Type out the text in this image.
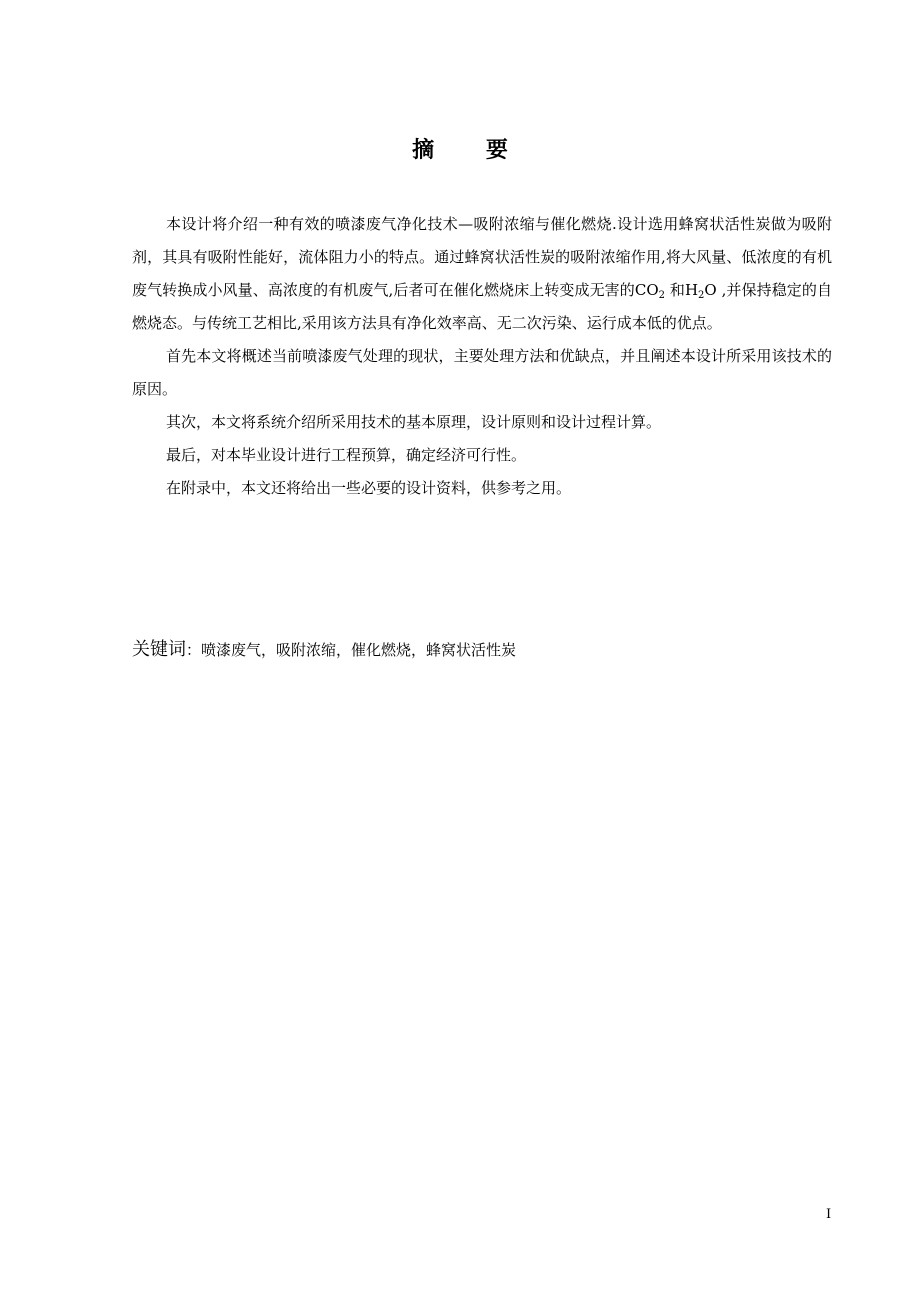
摘 要

本设计将介绍一种有效的喷漆废气净化技术—吸附浓缩与催化燃烧.设计选用蜂窝状活性炭做为吸附剂，其具有吸附性能好，流体阻力小的特点。通过蜂窝状活性炭的吸附浓缩作用,将大风量、低浓度的有机废气转换成小风量、高浓度的有机废气,后者可在催化燃烧床上转变成无害的$CO_2$ 和$H_2O$ ,并保持稳定的自燃烧态。与传统工艺相比,采用该方法具有净化效率高、无二次污染、运行成本低的优点。

首先本文将概述当前喷漆废气处理的现状，主要处理方法和优缺点，并且阐述本设计所采用该技术的原因。

其次，本文将系统介绍所采用技术的基本原理，设计原则和设计过程计算。

最后，对本毕业设计进行工程预算，确定经济可行性。

在附录中，本文还将给出一些必要的设计资料，供参考之用。

关键词：喷漆废气，吸附浓缩，催化燃烧，蜂窝状活性炭
I
